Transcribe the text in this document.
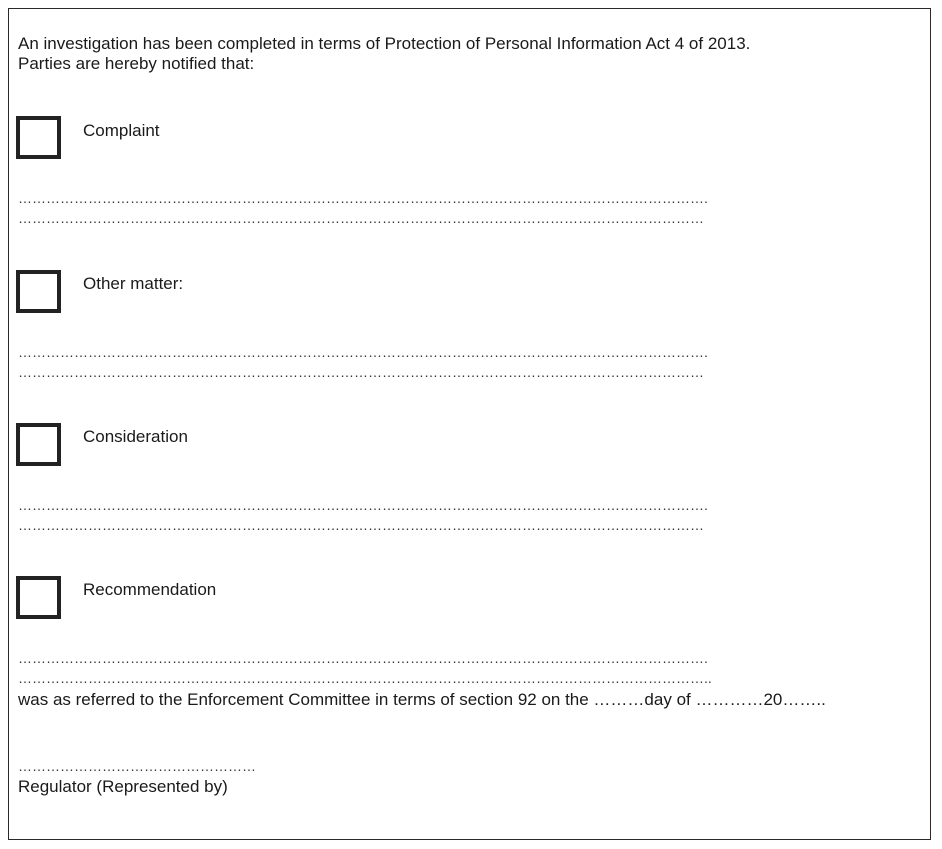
An investigation has been completed in terms of Protection of Personal Information Act 4 of 2013.
Parties are hereby notified that:
Complaint
………………………………………………………………………………………………………………………………….
…………………………………………………………………………………………………………………………………
Other matter:
………………………………………………………………………………………………………………………………….
…………………………………………………………………………………………………………………………………
Consideration
………………………………………………………………………………………………………………………………….
…………………………………………………………………………………………………………………………………
Recommendation
………………………………………………………………………………………………………………………………….
…………………………………………………………………………………………………………………………………..
was as referred to the Enforcement Committee in terms of section 92 on the ………day of …………20……..
……………………………………………
Regulator (Represented by)
